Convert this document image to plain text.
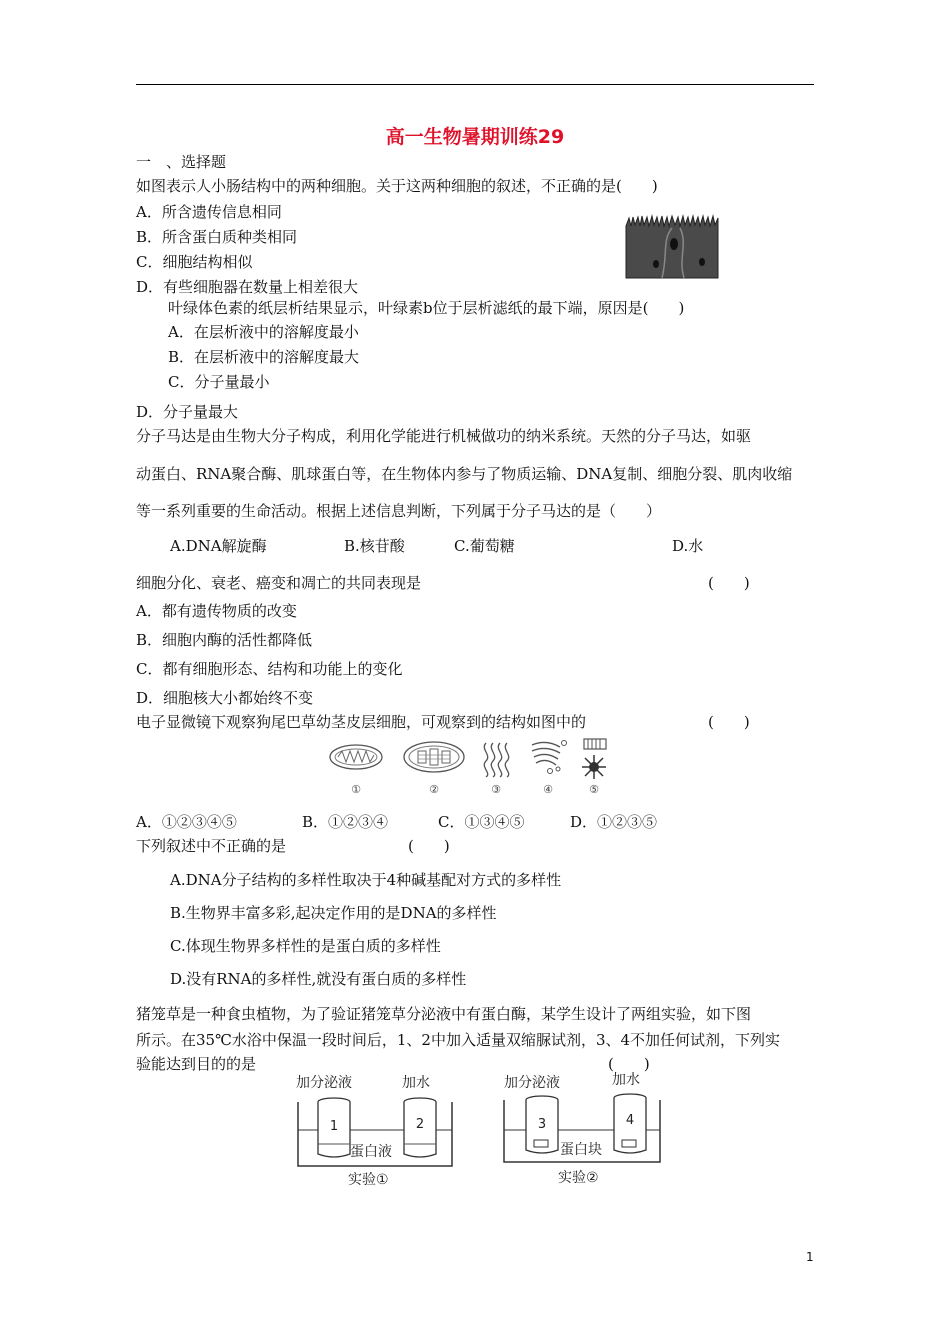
高一生物暑期训练29
一　、选择题
如图表示人小肠结构中的两种细胞。关于这两种细胞的叙述，不正确的是(　　)
A．所含遗传信息相同
B．所含蛋白质种类相同
C．细胞结构相似
D．有些细胞器在数量上相差很大
叶绿体色素的纸层析结果显示，叶绿素b位于层析滤纸的最下端，原因是(　　)
A．在层析液中的溶解度最小
B．在层析液中的溶解度最大
C．分子量最小
D．分子量最大
分子马达是由生物大分子构成，利用化学能进行机械做功的纳米系统。天然的分子马达，如驱
动蛋白、RNA聚合酶、肌球蛋白等，在生物体内参与了物质运输、DNA复制、细胞分裂、肌肉收缩
等一系列重要的生命活动。根据上述信息判断，下列属于分子马达的是（　　）
A.DNA解旋酶	B.核苷酸	C.葡萄糖	D.水
细胞分化、衰老、癌变和凋亡的共同表现是	(　　)
A．都有遗传物质的改变
B．细胞内酶的活性都降低
C．都有细胞形态、结构和功能上的变化
D．细胞核大小都始终不变
电子显微镜下观察狗尾巴草幼茎皮层细胞，可观察到的结构如图中的	(　　)
①	②	③	④	⑤
A．①②③④⑤	B．①②③④	C．①③④⑤	D．①②③⑤
下列叙述中不正确的是	(　　)
A.DNA分子结构的多样性取决于4种碱基配对方式的多样性
B.生物界丰富多彩,起决定作用的是DNA的多样性
C.体现生物界多样性的是蛋白质的多样性
D.没有RNA的多样性,就没有蛋白质的多样性
猪笼草是一种食虫植物，为了验证猪笼草分泌液中有蛋白酶，某学生设计了两组实验，如下图
所示。在35℃水浴中保温一段时间后，1、2中加入适量双缩脲试剂，3、4不加任何试剂，下列实
验能达到目的的是	(　　)
加分泌液	加水
1	2
蛋白液
实验①
加分泌液	加水
3	4
蛋白块
实验②
1
